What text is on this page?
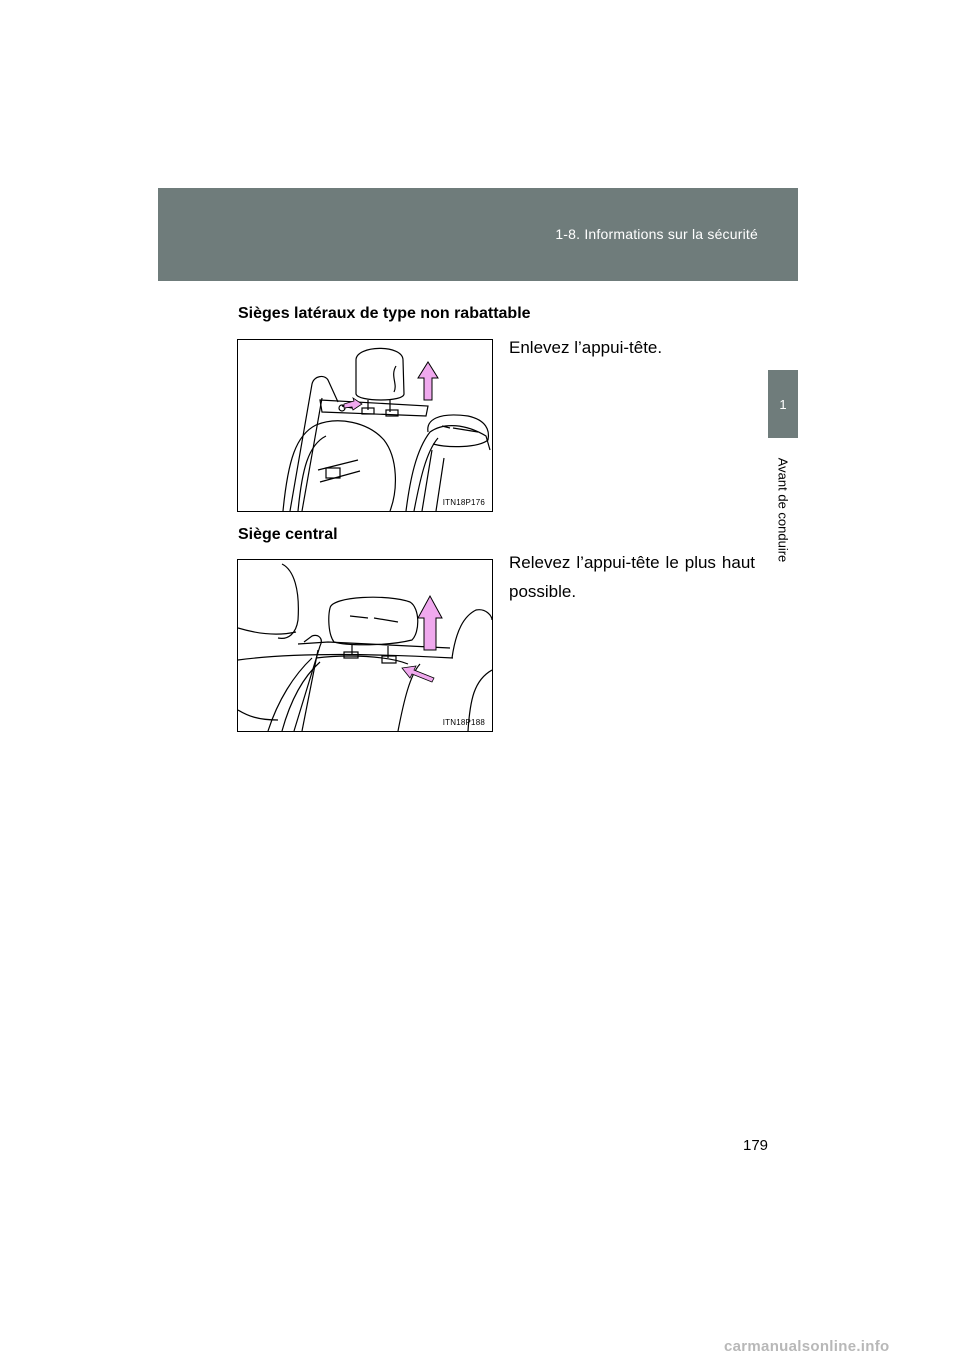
1-8. Informations sur la sécurité
1
Avant de conduire
Sièges latéraux de type non rabattable
ITN18P176
Enlevez l’appui-tête.
Siège central
ITN18P188
Relevez l’appui-tête le plus haut possible.
179
carmanualsonline.info
